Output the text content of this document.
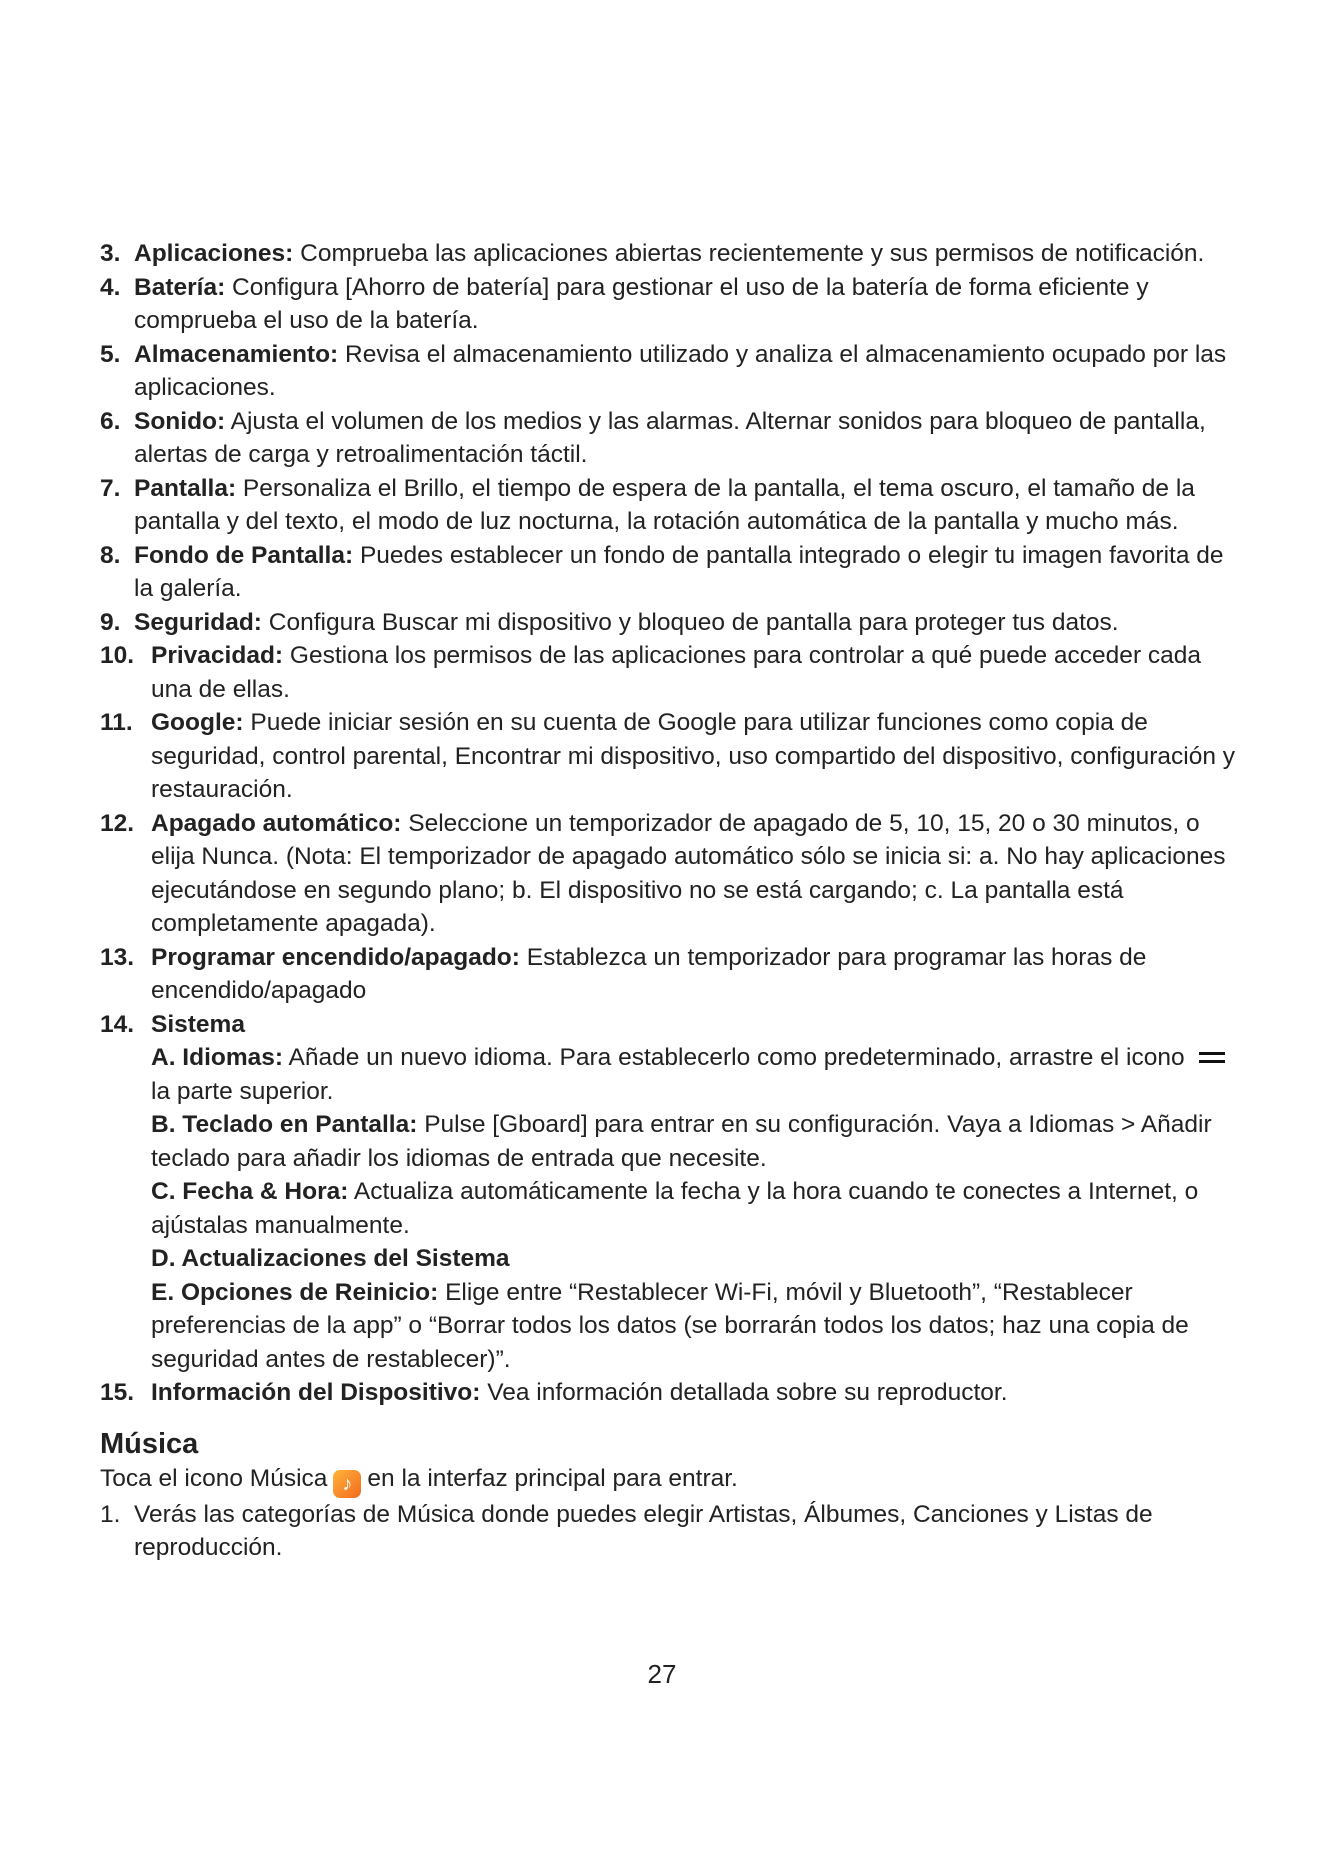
3. Aplicaciones: Comprueba las aplicaciones abiertas recientemente y sus permisos de notificación.
4. Batería: Configura [Ahorro de batería] para gestionar el uso de la batería de forma eficiente y comprueba el uso de la batería.
5. Almacenamiento: Revisa el almacenamiento utilizado y analiza el almacenamiento ocupado por las aplicaciones.
6. Sonido: Ajusta el volumen de los medios y las alarmas. Alternar sonidos para bloqueo de pantalla, alertas de carga y retroalimentación táctil.
7. Pantalla: Personaliza el Brillo, el tiempo de espera de la pantalla, el tema oscuro, el tamaño de la pantalla y del texto, el modo de luz nocturna, la rotación automática de la pantalla y mucho más.
8. Fondo de Pantalla: Puedes establecer un fondo de pantalla integrado o elegir tu imagen favorita de la galería.
9. Seguridad: Configura Buscar mi dispositivo y bloqueo de pantalla para proteger tus datos.
10. Privacidad: Gestiona los permisos de las aplicaciones para controlar a qué puede acceder cada una de ellas.
11. Google: Puede iniciar sesión en su cuenta de Google para utilizar funciones como copia de seguridad, control parental, Encontrar mi dispositivo, uso compartido del dispositivo, configuración y restauración.
12. Apagado automático: Seleccione un temporizador de apagado de 5, 10, 15, 20 o 30 minutos, o elija Nunca. (Nota: El temporizador de apagado automático sólo se inicia si: a. No hay aplicaciones ejecutándose en segundo plano; b. El dispositivo no se está cargando; c. La pantalla está completamente apagada).
13. Programar encendido/apagado: Establezca un temporizador para programar las horas de encendido/apagado
14. Sistema
A. Idiomas: Añade un nuevo idioma. Para establecerlo como predeterminado, arrastre el iconola parte superior.
B. Teclado en Pantalla: Pulse [Gboard] para entrar en su configuración. Vaya a Idiomas > Añadir teclado para añadir los idiomas de entrada que necesite.
C. Fecha & Hora: Actualiza automáticamente la fecha y la hora cuando te conectes a Internet, o ajústalas manualmente.
D. Actualizaciones del Sistema
E. Opciones de Reinicio: Elige entre “Restablecer Wi-Fi, móvil y Bluetooth”, “Restablecer preferencias de la app” o “Borrar todos los datos (se borrarán todos los datos; haz una copia de seguridad antes de restablecer)”.
15. Información del Dispositivo: Vea información detallada sobre su reproductor.
Música
Toca el icono Música ♪ en la interfaz principal para entrar.
1. Verás las categorías de Música donde puedes elegir Artistas, Álbumes, Canciones y Listas de reproducción.
27
